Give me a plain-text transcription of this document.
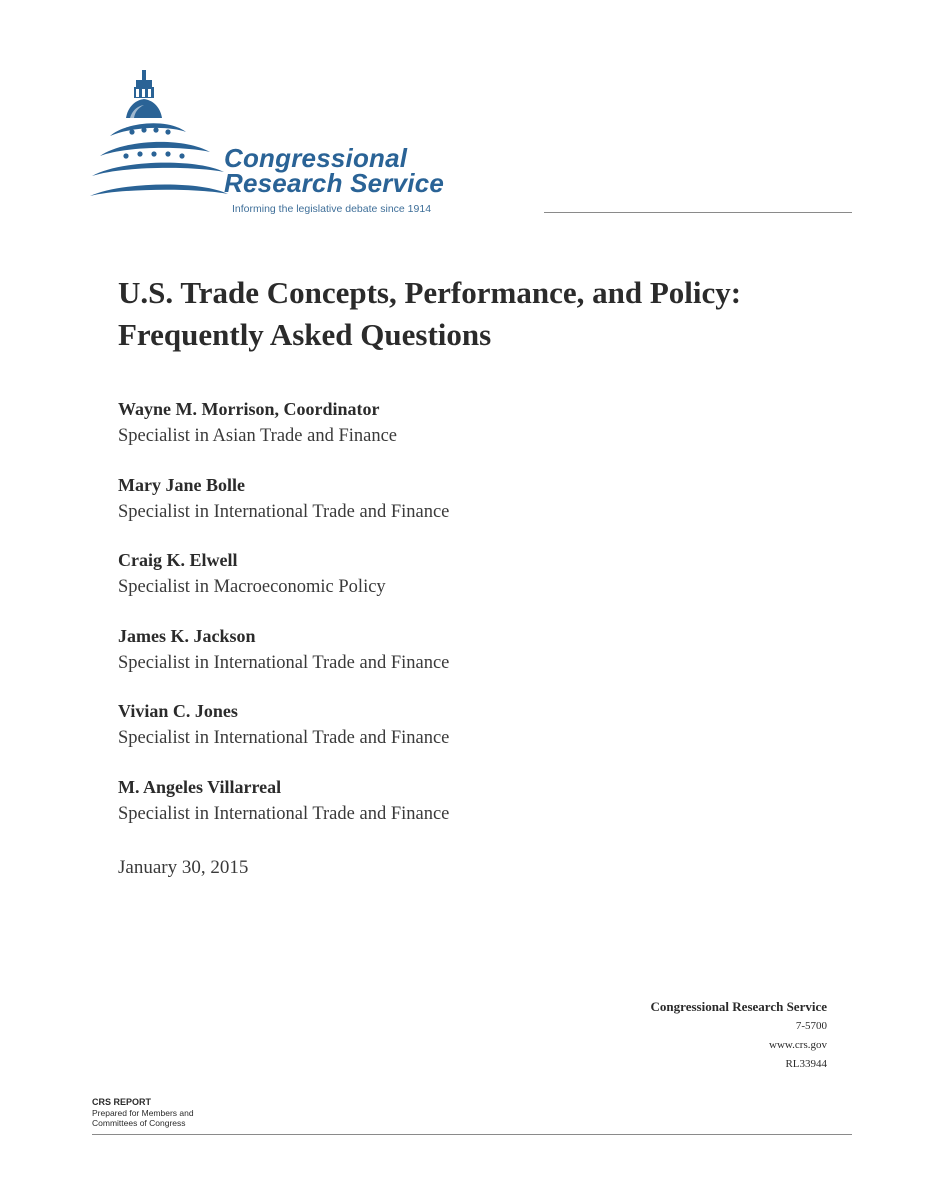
Congressional
Research Service
Informing the legislative debate since 1914
U.S. Trade Concepts, Performance, and Policy:
Frequently Asked Questions
Wayne M. Morrison, Coordinator
Specialist in Asian Trade and Finance
Mary Jane Bolle
Specialist in International Trade and Finance
Craig K. Elwell
Specialist in Macroeconomic Policy
James K. Jackson
Specialist in International Trade and Finance
Vivian C. Jones
Specialist in International Trade and Finance
M. Angeles Villarreal
Specialist in International Trade and Finance
January 30, 2015
Congressional Research Service
7-5700
www.crs.gov
RL33944
CRS REPORT
Prepared for Members and
Committees of Congress
